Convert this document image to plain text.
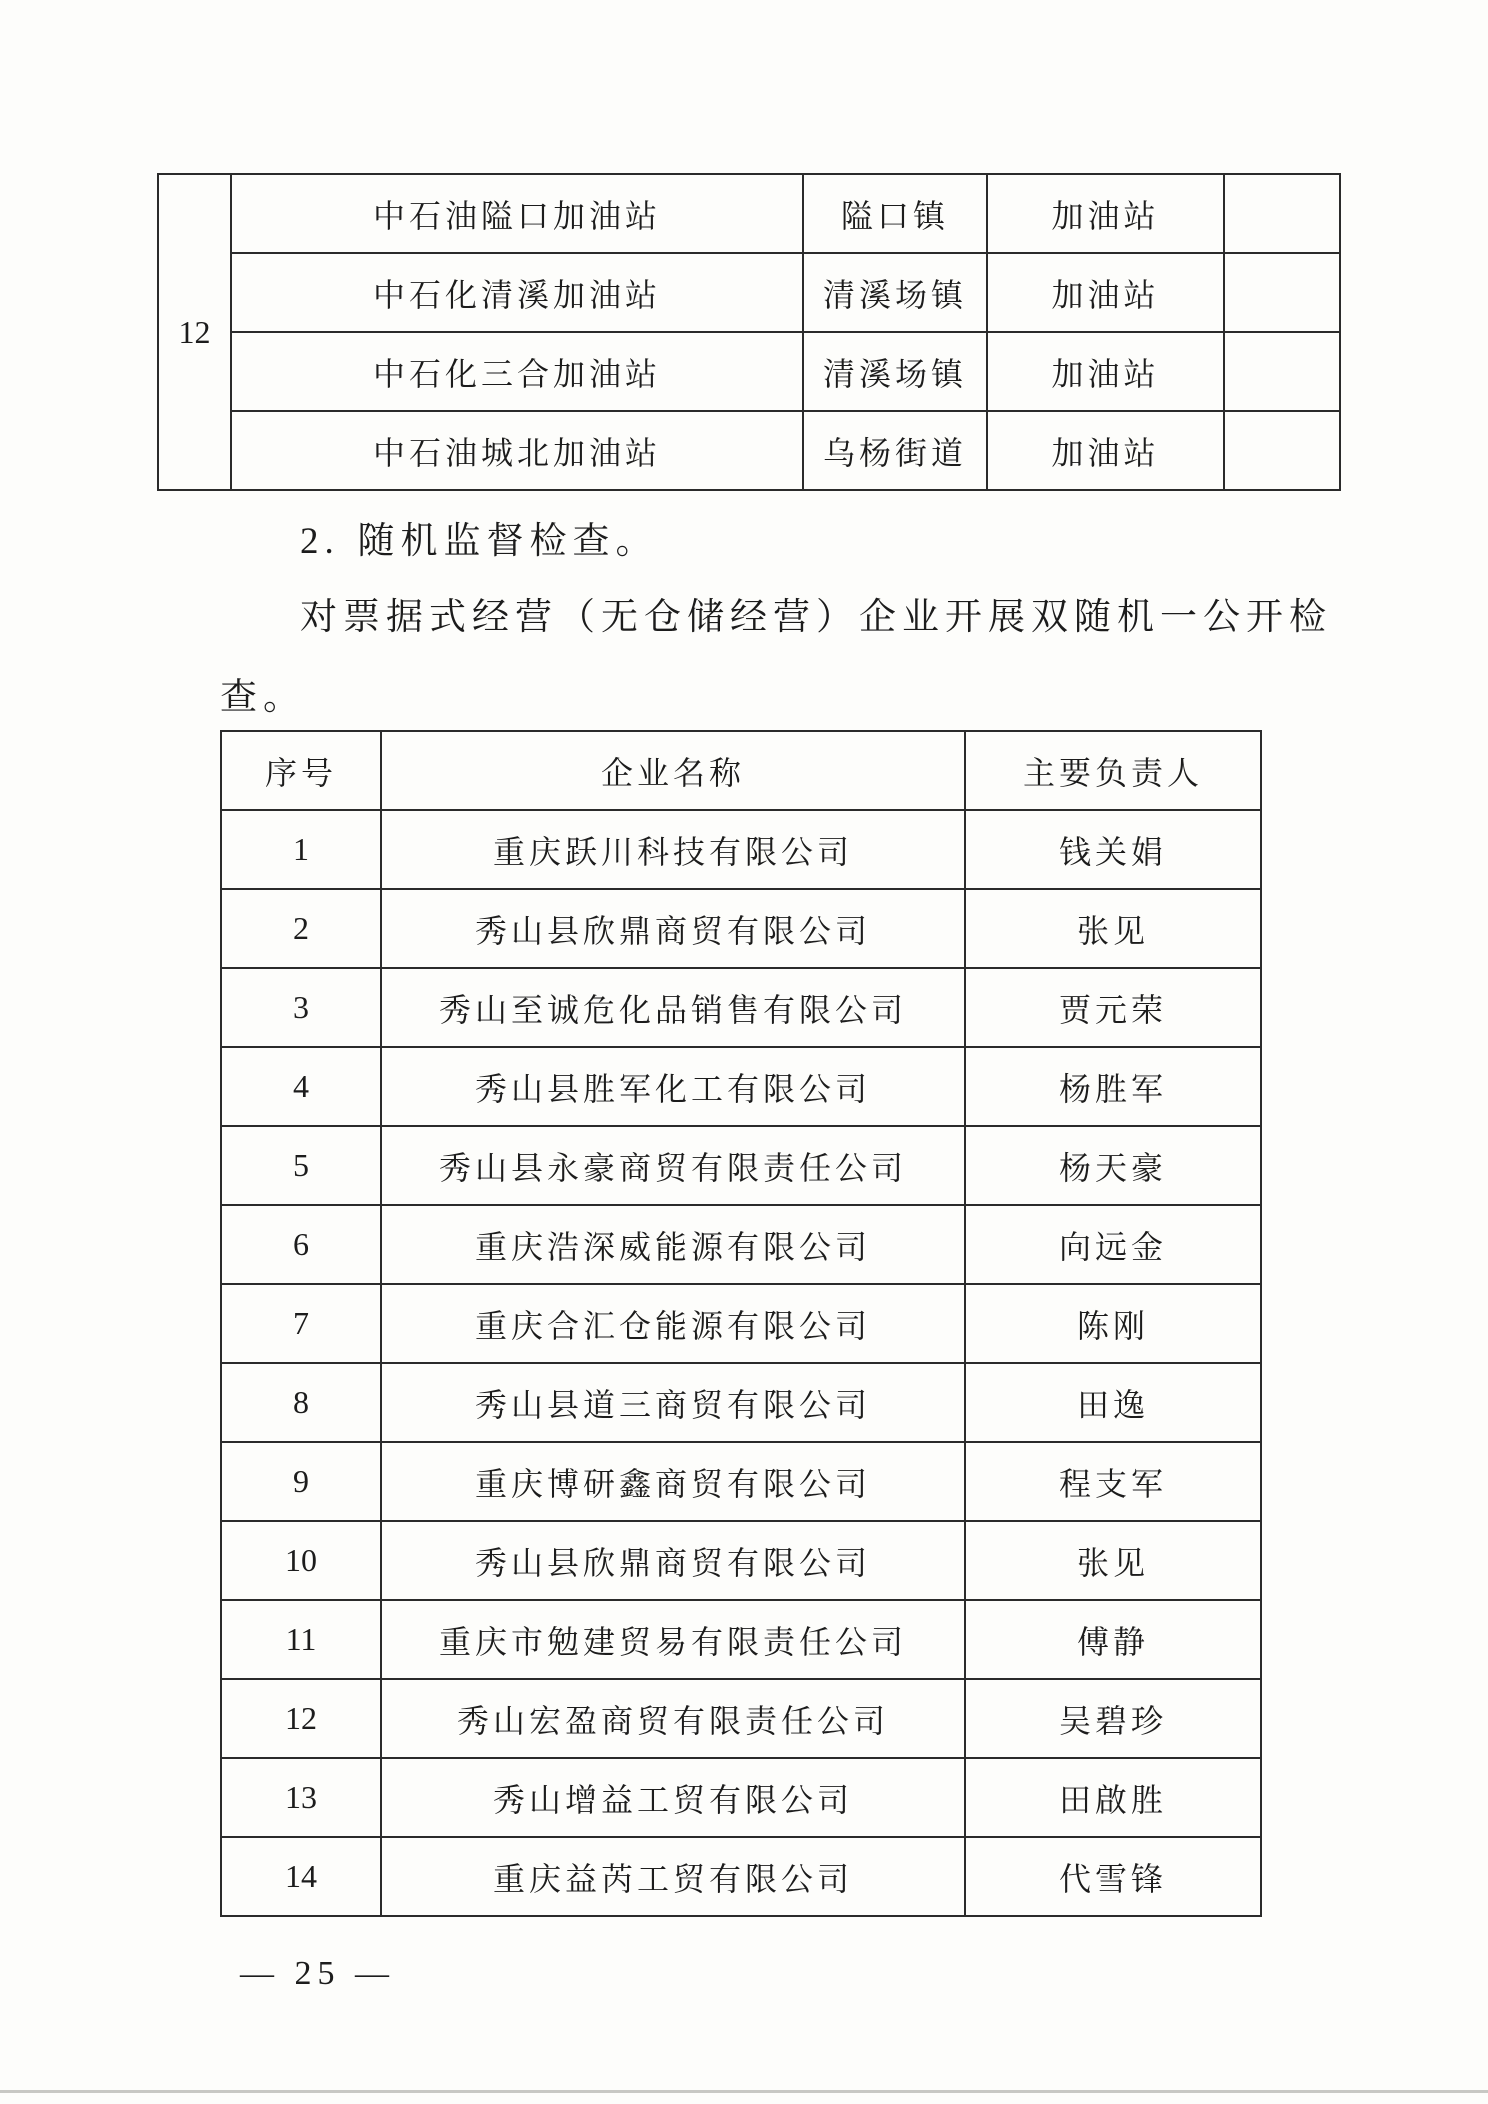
12	中石油隘口加油站	隘口镇	加油站	
	中石化清溪加油站	清溪场镇	加油站	
	中石化三合加油站	清溪场镇	加油站	
	中石油城北加油站	乌杨街道	加油站	
2. 随机监督检查。
对票据式经营（无仓储经营）企业开展双随机一公开检
查。
序号	企业名称	主要负责人
1	重庆跃川科技有限公司	钱关娟
2	秀山县欣鼎商贸有限公司	张见
3	秀山至诚危化品销售有限公司	贾元荣
4	秀山县胜军化工有限公司	杨胜军
5	秀山县永豪商贸有限责任公司	杨天豪
6	重庆浩深威能源有限公司	向远金
7	重庆合汇仓能源有限公司	陈刚
8	秀山县道三商贸有限公司	田逸
9	重庆博研鑫商贸有限公司	程支军
10	秀山县欣鼎商贸有限公司	张见
11	重庆市勉建贸易有限责任公司	傅静
12	秀山宏盈商贸有限责任公司	吴碧珍
13	秀山增益工贸有限公司	田啟胜
14	重庆益芮工贸有限公司	代雪锋
— 25 —
